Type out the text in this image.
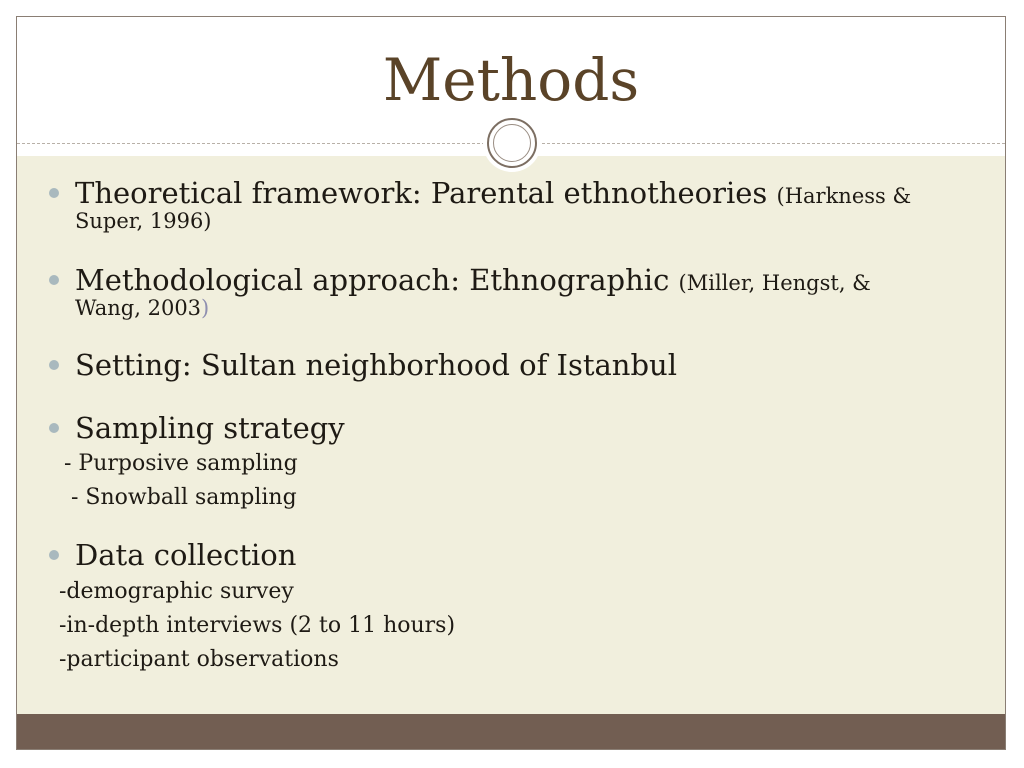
Methods
Theoretical framework: Parental ethnotheories (Harkness &
Super, 1996)
Methodological approach: Ethnographic (Miller, Hengst, &
Wang, 2003)
Setting: Sultan neighborhood of Istanbul
Sampling strategy
- Purposive sampling
- Snowball sampling
Data collection
-demographic survey
-in-depth interviews (2 to 11 hours)
-participant observations
